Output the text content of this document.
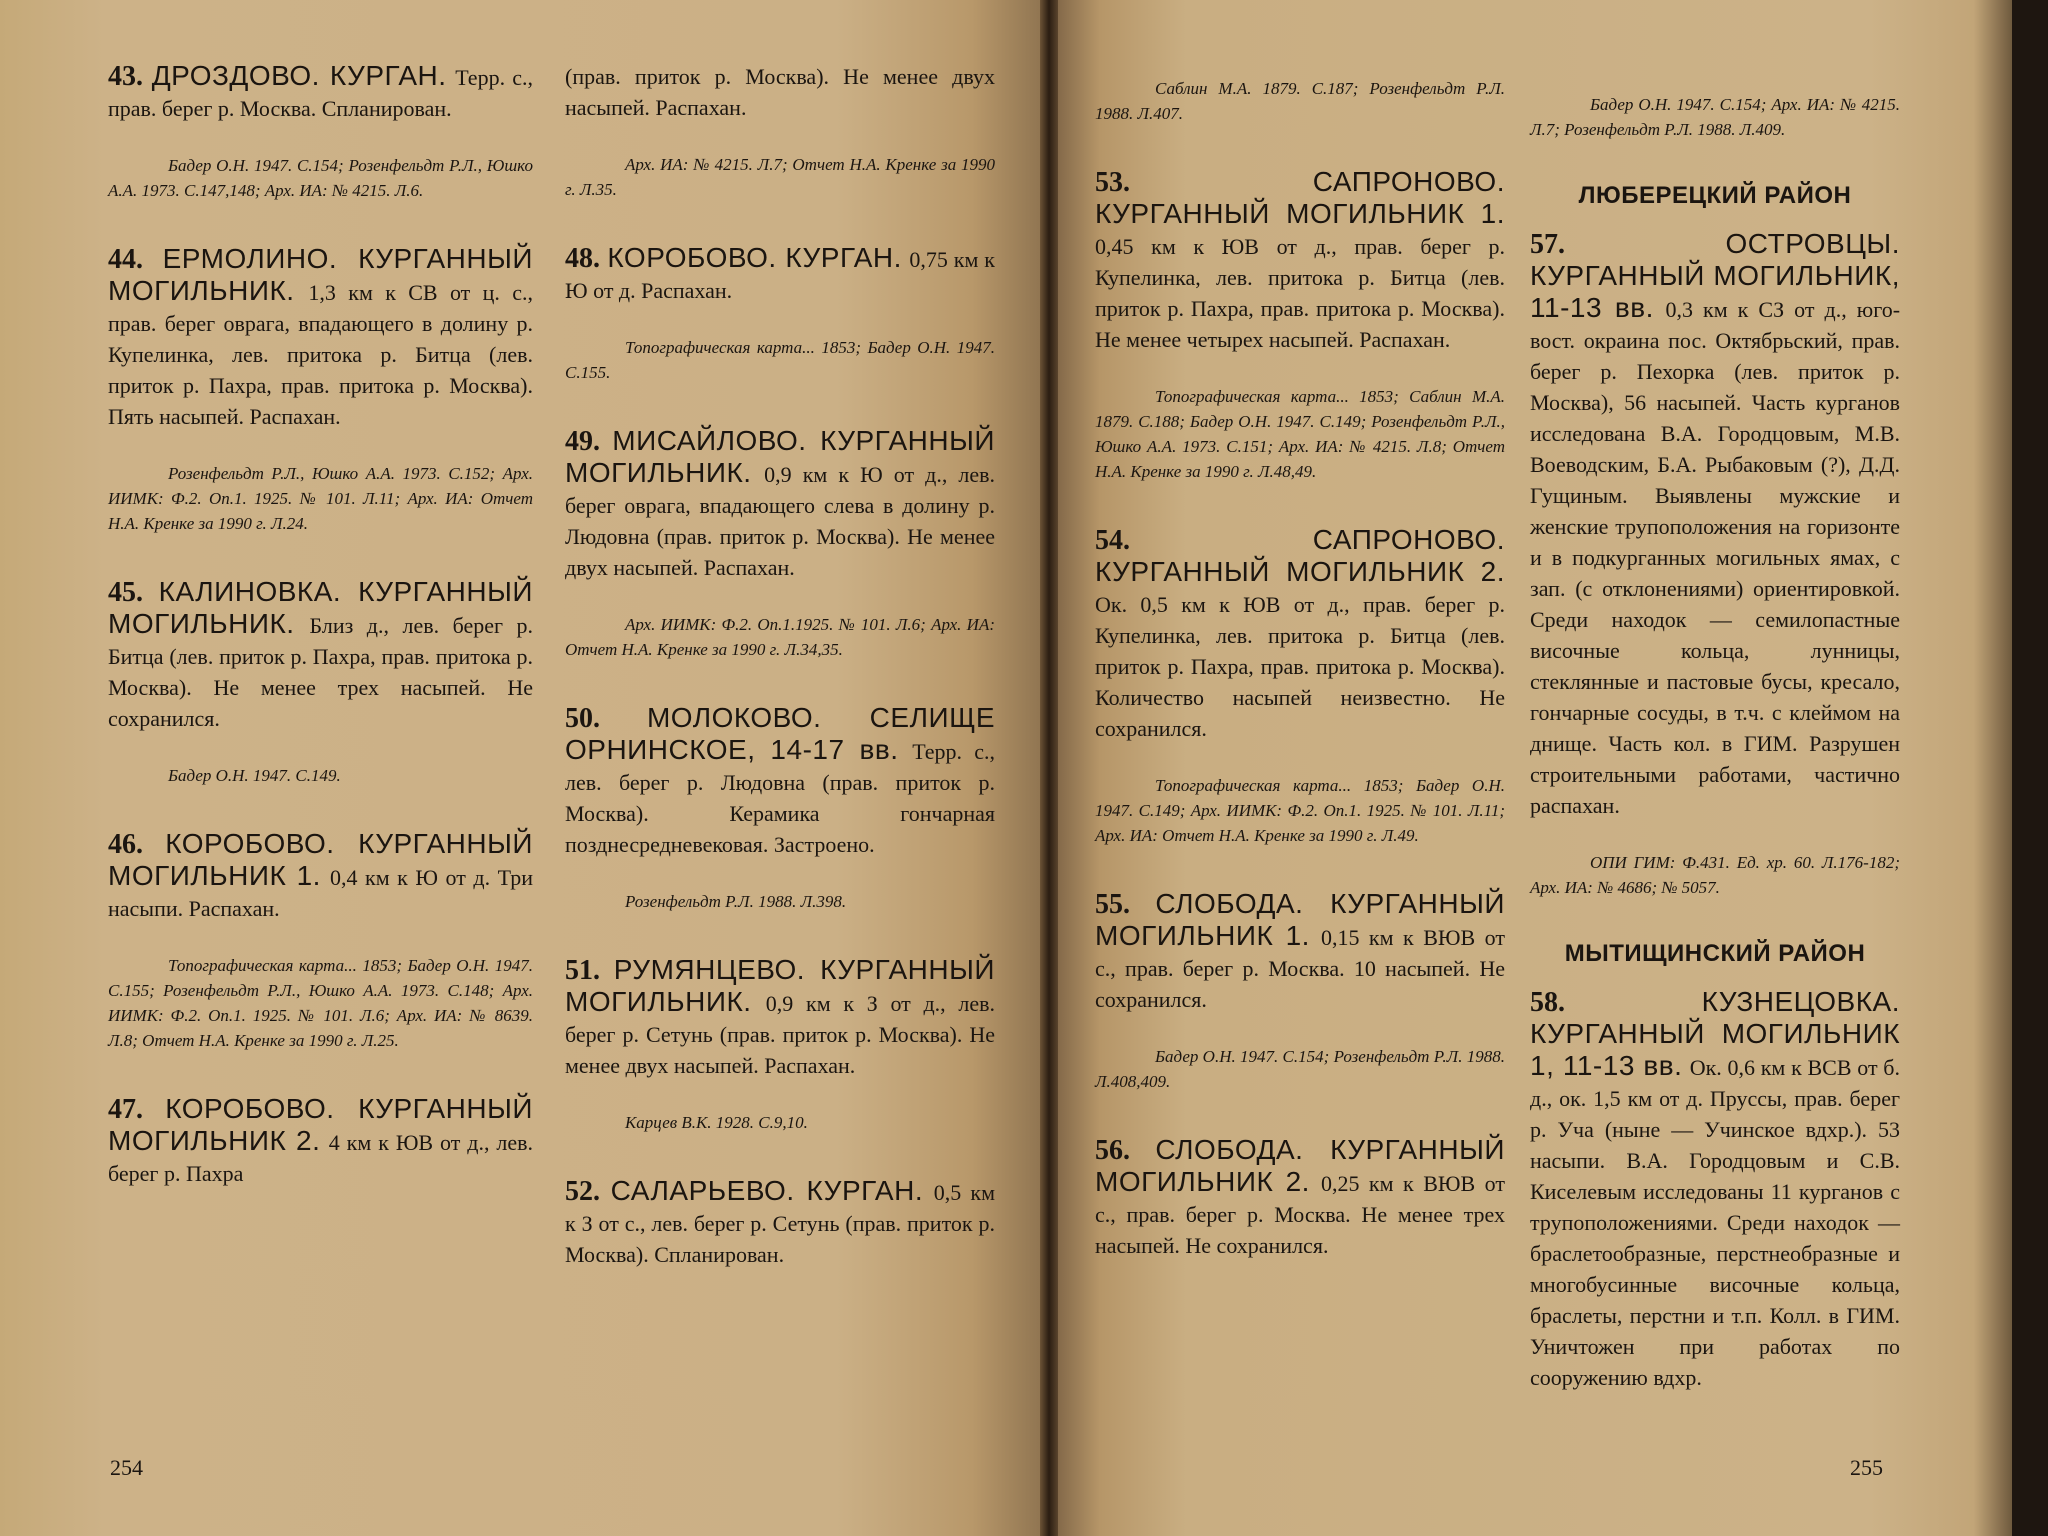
43. ДРОЗДОВО. КУРГАН. Терр. с., прав. берег р. Москва. Спланирован.

Бадер О.Н. 1947. С.154; Розенфельдт Р.Л., Юшко А.А. 1973. С.147,148; Арх. ИА: № 4215. Л.6.

44. ЕРМОЛИНО. КУРГАННЫЙ МОГИЛЬНИК. 1,3 км к СВ от ц. с., прав. берег оврага, впадающего в долину р. Купелинка, лев. притока р. Битца (лев. приток р. Пахра, прав. притока р. Москва). Пять насыпей. Распахан.

Розенфельдт Р.Л., Юшко А.А. 1973. С.152; Арх. ИИМК: Ф.2. Оп.1. 1925. № 101. Л.11; Арх. ИА: Отчет Н.А. Кренке за 1990 г. Л.24.

45. КАЛИНОВКА. КУРГАННЫЙ МОГИЛЬНИК. Близ д., лев. берег р. Битца (лев. приток р. Пахра, прав. притока р. Москва). Не менее трех насыпей. Не сохранился.

Бадер О.Н. 1947. С.149.

46. КОРОБОВО. КУРГАННЫЙ МОГИЛЬНИК 1. 0,4 км к Ю от д. Три насыпи. Распахан.

Топографическая карта... 1853; Бадер О.Н. 1947. С.155; Розенфельдт Р.Л., Юшко А.А. 1973. С.148; Арх. ИИМК: Ф.2. Оп.1. 1925. № 101. Л.6; Арх. ИА: № 8639. Л.8; Отчет Н.А. Кренке за 1990 г. Л.25.

47. КОРОБОВО. КУРГАННЫЙ МОГИЛЬНИК 2. 4 км к ЮВ от д., лев. берег р. Пахра

(прав. приток р. Москва). Не менее двух насыпей. Распахан.

Арх. ИА: № 4215. Л.7; Отчет Н.А. Кренке за 1990 г. Л.35.

48. КОРОБОВО. КУРГАН. 0,75 км к Ю от д. Распахан.

Топографическая карта... 1853; Бадер О.Н. 1947. С.155.

49. МИСАЙЛОВО. КУРГАННЫЙ МОГИЛЬНИК. 0,9 км к Ю от д., лев. берег оврага, впадающего слева в долину р. Людовна (прав. приток р. Москва). Не менее двух насыпей. Распахан.

Арх. ИИМК: Ф.2. Оп.1.1925. № 101. Л.6; Арх. ИА: Отчет Н.А. Кренке за 1990 г. Л.34,35.

50. МОЛОКОВО. СЕЛИЩЕ ОРНИНСКОЕ, 14-17 вв. Терр. с., лев. берег р. Людовна (прав. приток р. Москва). Керамика гончарная позднесредневековая. Застроено.

Розенфельдт Р.Л. 1988. Л.398.

51. РУМЯНЦЕВО. КУРГАННЫЙ МОГИЛЬНИК. 0,9 км к З от д., лев. берег р. Сетунь (прав. приток р. Москва). Не менее двух насыпей. Распахан.

Карцев В.К. 1928. С.9,10.

52. САЛАРЬЕВО. КУРГАН. 0,5 км к З от с., лев. берег р. Сетунь (прав. приток р. Москва). Спланирован.

Саблин М.А. 1879. С.187; Розенфельдт Р.Л. 1988. Л.407.

53.	САПРОНОВО. КУРГАННЫЙ МОГИЛЬНИК 1. 0,45 км к ЮВ от д., прав. берег р. Купелинка, лев. притока р. Битца (лев. приток р. Пахра, прав. притока р. Москва). Не менее четырех насыпей. Распахан.

Топографическая карта... 1853; Саблин М.А. 1879. С.188; Бадер О.Н. 1947. С.149; Розенфельдт Р.Л., Юшко А.А. 1973. С.151; Арх. ИА: № 4215. Л.8; Отчет Н.А. Кренке за 1990 г. Л.48,49.

54.	САПРОНОВО. КУРГАННЫЙ МОГИЛЬНИК 2. Ок. 0,5 км к ЮВ от д., прав. берег р. Купелинка, лев. притока р. Битца (лев. приток р. Пахра, прав. притока р. Москва). Количество насыпей неизвестно. Не сохранился.

Топографическая карта... 1853; Бадер О.Н. 1947. С.149; Арх. ИИМК: Ф.2. Оп.1. 1925. № 101. Л.11; Арх. ИА: Отчет Н.А. Кренке за 1990 г. Л.49.

55. СЛОБОДА. КУРГАННЫЙ МОГИЛЬНИК 1. 0,15 км к ВЮВ от с., прав. берег р. Москва. 10 насыпей. Не сохранился.

Бадер О.Н. 1947. С.154; Розенфельдт Р.Л. 1988. Л.408,409.

56. СЛОБОДА. КУРГАННЫЙ МОГИЛЬНИК 2. 0,25 км к ВЮВ от с., прав. берег р. Москва. Не менее трех насыпей. Не сохранился.

Бадер О.Н. 1947. С.154; Арх. ИА: № 4215. Л.7; Розенфельдт Р.Л. 1988. Л.409.

ЛЮБЕРЕЦКИЙ РАЙОН

57.	ОСТРОВЦЫ. КУРГАННЫЙ МОГИЛЬНИК, 11-13 вв. 0,3 км к СЗ от д., юго-вост. окраина пос. Октябрьский, прав. берег р. Пехорка (лев. приток р. Москва), 56 насыпей. Часть курганов исследована В.А. Городцовым, М.В. Воеводским, Б.А. Рыбаковым (?), Д.Д. Гущиным. Выявлены мужские и женские трупоположения на горизонте и в подкурганных могильных ямах, с зап. (с отклонениями) ориентировкой. Среди находок — семилопастные височные кольца, лунницы, стеклянные и пастовые бусы, кресало, гончарные сосуды, в т.ч. с клеймом на днище. Часть кол. в ГИМ. Разрушен строительными работами, частично распахан.

ОПИ ГИМ: Ф.431. Ед. хр. 60. Л.176-182; Арх. ИА: № 4686; № 5057.

МЫТИЩИНСКИЙ РАЙОН

58.	КУЗНЕЦОВКА. КУРГАННЫЙ МОГИЛЬНИК 1, 11-13 вв. Ок. 0,6 км к ВСВ от б. д., ок. 1,5 км от д. Пруссы, прав. берег р. Уча (ныне — Учинское вдхр.). 53 насыпи. В.А. Городцовым и С.В. Киселевым исследованы 11 курганов с трупоположениями. Среди находок — браслетообразные, перстнеобразные и многобусинные височные кольца, браслеты, перстни и т.п. Колл. в ГИМ. Уничтожен при работах по сооружению вдхр.

254	255
